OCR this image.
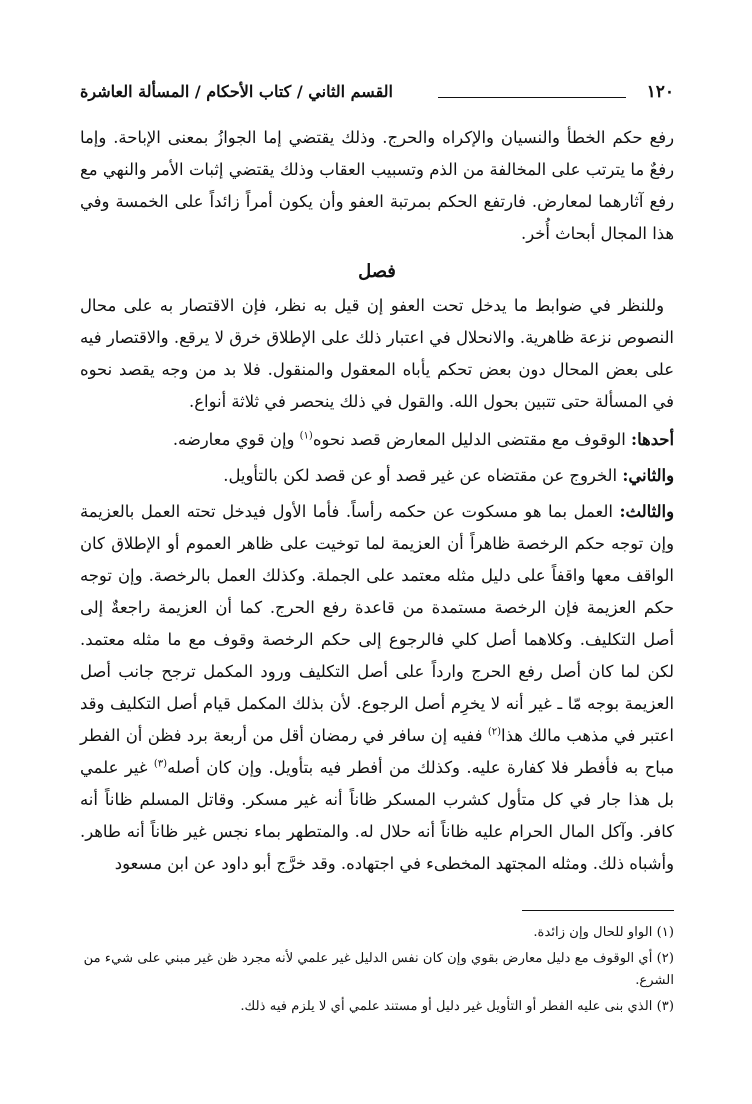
١٢٠
القسم الثاني / كتاب الأحكام / المسألة العاشرة

رفع حكم الخطأ والنسيان والإكراه والحرج. وذلك يقتضي إما الجوازُ بمعنى الإباحة. وإما رفعٌ ما يترتب على المخالفة من الذم وتسبيب العقاب وذلك يقتضي إثبات الأمر والنهي مع رفع آثارهما لمعارض. فارتفع الحكم بمرتبة العفو وأن يكون أمراً زائداً على الخمسة وفي هذا المجال أبحاث أُخر.

فصل

وللنظر في ضوابط ما يدخل تحت العفو إن قيل به نظر، فإن الاقتصار به على محال النصوص نزعة ظاهرية. والانحلال في اعتبار ذلك على الإطلاق خرق لا يرقع. والاقتصار فيه على بعض المحال دون بعض تحكم يأباه المعقول والمنقول. فلا بد من وجه يقصد نحوه في المسألة حتى تتبين بحول الله. والقول في ذلك ينحصر في ثلاثة أنواع.

أحدها: الوقوف مع مقتضى الدليل المعارض قصد نحوه$^{(١)}$ وإن قوي معارضه.

والثاني: الخروج عن مقتضاه عن غير قصد أو عن قصد لكن بالتأويل.

والثالث: العمل بما هو مسكوت عن حكمه رأساً. فأما الأول فيدخل تحته العمل بالعزيمة وإن توجه حكم الرخصة ظاهراً أن العزيمة لما توخيت على ظاهر العموم أو الإطلاق كان الواقف معها واقفاً على دليل مثله معتمد على الجملة. وكذلك العمل بالرخصة. وإن توجه حكم العزيمة فإن الرخصة مستمدة من قاعدة رفع الحرج. كما أن العزيمة راجعةٌ إلى أصل التكليف. وكلاهما أصل كلي فالرجوع إلى حكم الرخصة وقوف مع ما مثله معتمد. لكن لما كان أصل رفع الحرج وارداً على أصل التكليف ورود المكمل ترجح جانب أصل العزيمة بوجه مّا ـ غير أنه لا يخرِم أصل الرجوع. لأن بذلك المكمل قيام أصل التكليف وقد اعتبر في مذهب مالك هذا$^{(٢)}$ ففيه إن سافر في رمضان أقل من أربعة برد فظن أن الفطر مباح به فأفطر فلا كفارة عليه. وكذلك من أفطر فيه بتأويل. وإن كان أصله$^{(٣)}$ غير علمي بل هذا جار في كل متأول كشرب المسكر ظاناً أنه غير مسكر. وقاتل المسلم ظاناً أنه كافر. وآكل المال الحرام عليه ظاناً أنه حلال له. والمتطهر بماء نجس غير ظاناً أنه طاهر. وأشباه ذلك. ومثله المجتهد المخطىء في اجتهاده. وقد خرَّج أبو داود عن ابن مسعود

(١) الواو للحال وإن زائدة.

(٢) أي الوقوف مع دليل معارض بقوي وإن كان نفس الدليل غير علمي لأنه مجرد ظن غير مبني على شيء من الشرع.

(٣) الذي بنى عليه الفطر أو التأويل غير دليل أو مستند علمي أي لا يلزم فيه ذلك.
